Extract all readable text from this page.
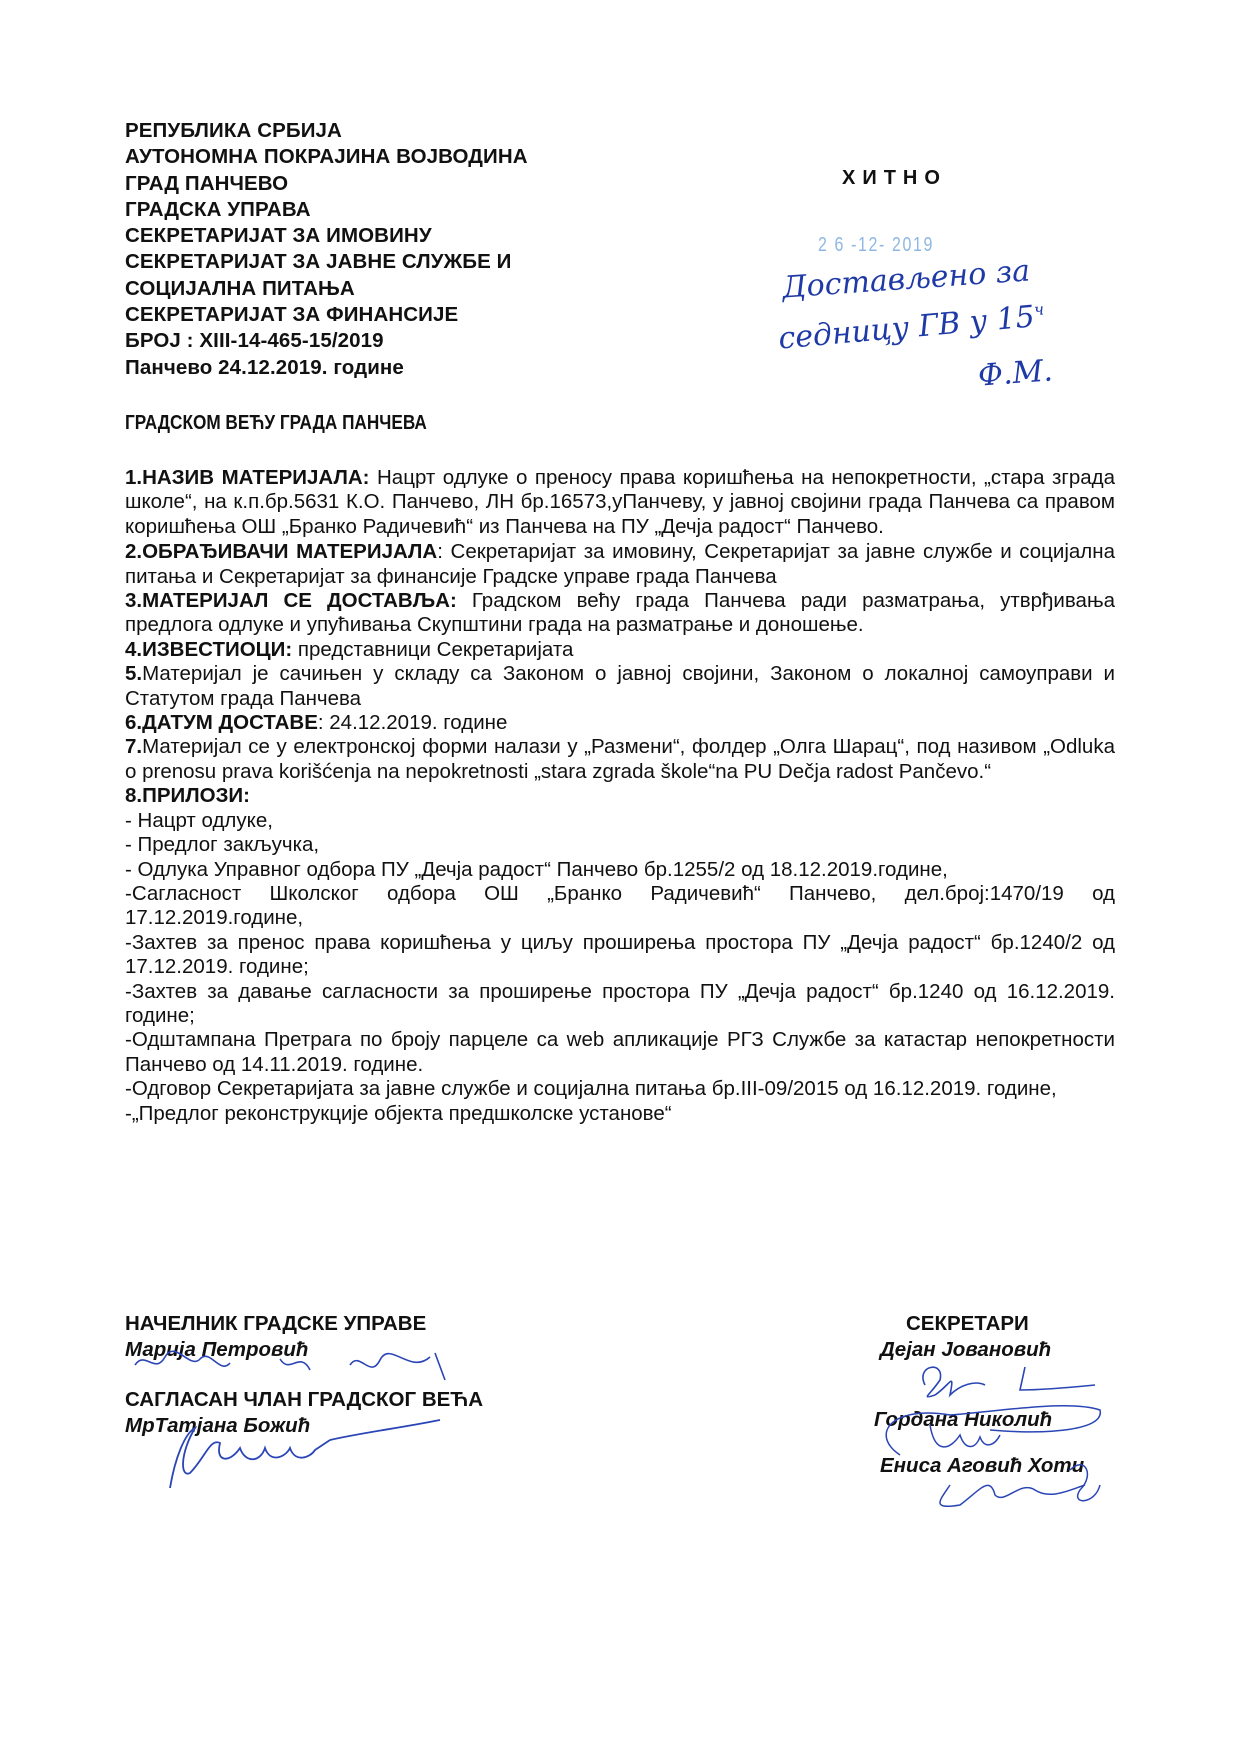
РЕПУБЛИКА СРБИЈА
АУТОНОМНА ПОКРАЈИНА ВОЈВОДИНА
ГРАД ПАНЧЕВО
ГРАДСКА УПРАВА
СЕКРЕТАРИЈАТ ЗА ИМОВИНУ
СЕКРЕТАРИЈАТ ЗА ЈАВНЕ СЛУЖБЕ И
СОЦИЈАЛНА ПИТАЊА
СЕКРЕТАРИЈАТ ЗА ФИНАНСИЈЕ
БРОЈ : XIII-14-465-15/2019
Панчево 24.12.2019. године
ХИТНО
2 6 -12- 2019
Достављено за
седницу ГВ у $15^ч$
Ф.М.
ГРАДСКОМ ВЕЋУ ГРАДА ПАНЧЕВА
1.НАЗИВ МАТЕРИЈАЛА: Нацрт одлуке о преносу права коришћења на непокретности, „стара зграда школе“, на к.п.бр.5631 К.О. Панчево, ЛН бр.16573,уПанчеву, у јавној својини града Панчева са правом коришћења ОШ „Бранко Радичевић“ из Панчева на ПУ „Дечја радост“ Панчево.
2.ОБРАЂИВАЧИ МАТЕРИЈАЛА: Секретаријат за имовину, Секретаријат за јавне службе и социјална питања и Секретаријат за финансије Градске управе града Панчева
3.МАТЕРИЈАЛ СЕ ДОСТАВЉА: Градском већу града Панчева ради разматрања, утврђивања предлога одлуке и упућивања Скупштини града на разматрање и доношење.
4.ИЗВЕСТИОЦИ: представници Секретаријата
5.Материјал је сачињен у складу са Законом о јавној својини, Законом о локалној самоуправи и Статутом града Панчева
6.ДАТУМ ДОСТАВЕ: 24.12.2019. године
7.Материјал се у електронској форми налази у „Размени“, фолдер „Олга Шарац“, под називом „Odluka o prenosu prava korišćenja na nepokretnosti „stara zgrada škole“na PU Dečja radost Pančevo.“
8.ПРИЛОЗИ:
- Нацрт одлуке,
- Предлог закључка,
- Одлука Управног одбора ПУ „Дечја радост“ Панчево бр.1255/2 од 18.12.2019.године,
-Сагласност Школског одбора ОШ „Бранко Радичевић“ Панчево, дел.број:1470/19 од 17.12.2019.године,
-Захтев за пренос права коришћења у циљу проширења простора ПУ „Дечја радост“ бр.1240/2 од 17.12.2019. године;
-Захтев за давање сагласности за проширење простора ПУ „Дечја радост“ бр.1240 од 16.12.2019. године;
-Одштампана Претрага по броју парцеле са web апликације РГЗ Службе за катастар непокретности Панчево од 14.11.2019. године.
-Одговор Секретаријата за јавне службе и социјална питања бр.III-09/2015 од 16.12.2019. године,
-„Предлог реконструкције објекта предшколске установе“
НАЧЕЛНИК ГРАДСКЕ УПРАВЕ
Марија Петровић
САГЛАСАН ЧЛАН ГРАДСКОГ ВЕЋА
МрТатјана Божић
СЕКРЕТАРИ
Дејан Јовановић
Гордана Николић
Ениса Аговић Хоти
